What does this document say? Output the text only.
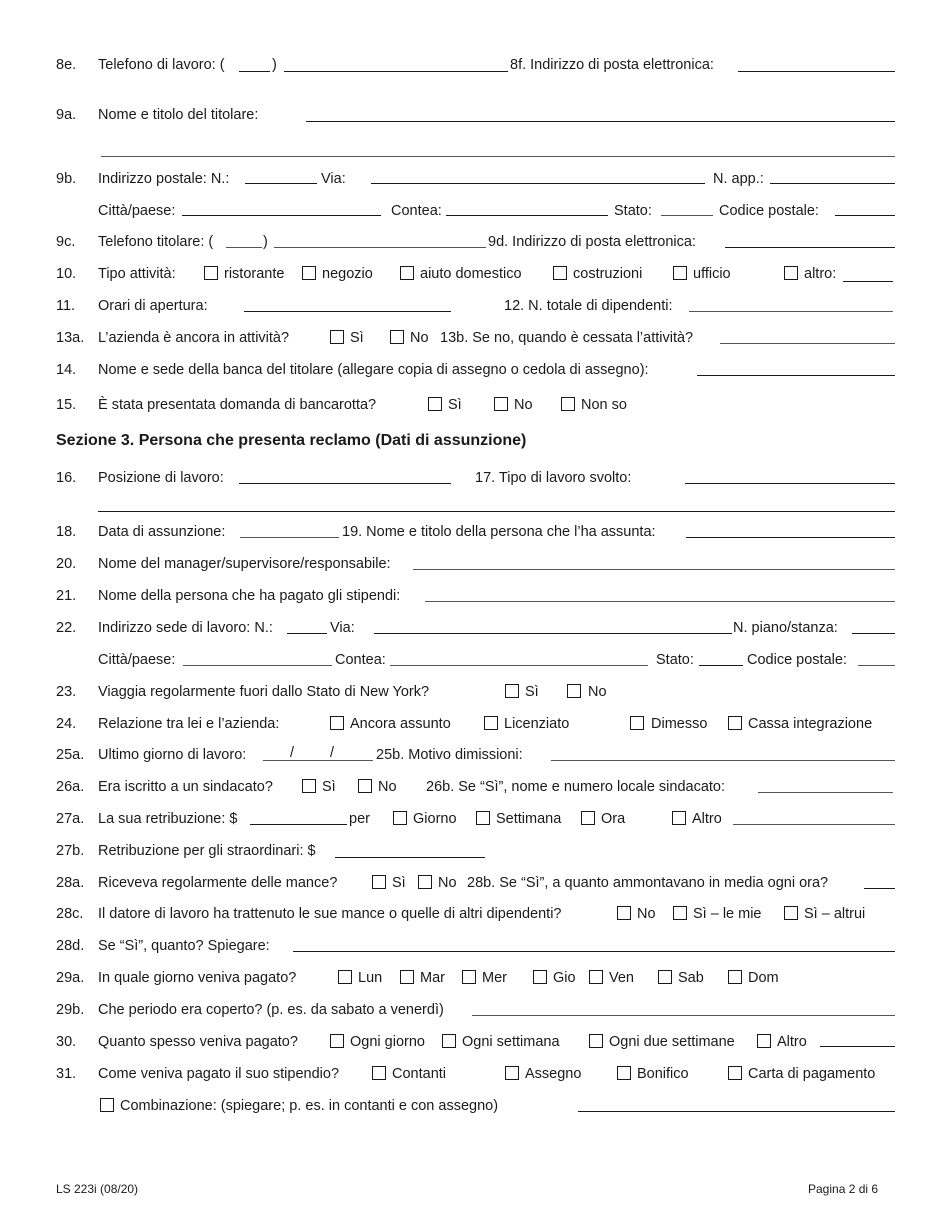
8e. Telefono di lavoro: (	)	8f. Indirizzo di posta elettronica:
9a. Nome e titolo del titolare:
9b. Indirizzo postale: N.:	Via:	N. app.:
Città/paese:	Contea:	Stato:	Codice postale:
9c. Telefono titolare: (	)	9d. Indirizzo di posta elettronica:
10. Tipo attività:	ristorante	negozio	aiuto domestico	costruzioni	ufficio	altro:
11. Orari di apertura:	12. N. totale di dipendenti:
13a. L’azienda è ancora in attività?	Sì	No 13b. Se no, quando è cessata l’attività?
14. Nome e sede della banca del titolare (allegare copia di assegno o cedola di assegno):
15. È stata presentata domanda di bancarotta?	Sì	No	Non so
Sezione 3. Persona che presenta reclamo (Dati di assunzione)
16. Posizione di lavoro:	17. Tipo di lavoro svolto:
18. Data di assunzione:	19. Nome e titolo della persona che l’ha assunta:
20. Nome del manager/supervisore/responsabile:
21. Nome della persona che ha pagato gli stipendi:
22. Indirizzo sede di lavoro: N.:	Via:	N. piano/stanza:
Città/paese:	Contea:	Stato:	Codice postale:
23. Viaggia regolarmente fuori dallo Stato di New York?	Sì	No
24. Relazione tra lei e l’azienda:	Ancora assunto	Licenziato	Dimesso	Cassa integrazione
25a. Ultimo giorno di lavoro:	/ /	25b. Motivo dimissioni:
26a. Era iscritto a un sindacato?	Sì	No 26b. Se “Sì”, nome e numero locale sindacato:
27a. La sua retribuzione: $	per	Giorno	Settimana	Ora	Altro
27b. Retribuzione per gli straordinari: $
28a. Riceveva regolarmente delle mance?	Sì No 28b. Se “Sì”, a quanto ammontavano in media ogni ora?
28c. Il datore di lavoro ha trattenuto le sue mance o quelle di altri dipendenti?	No	Sì – le mie	Sì – altrui
28d. Se “Sì”, quanto? Spiegare:
29a. In quale giorno veniva pagato?	Lun	Mar	Mer	Gio Ven	Sab	Dom
29b. Che periodo era coperto? (p. es. da sabato a venerdì)
30. Quanto spesso veniva pagato?	Ogni giorno	Ogni settimana	Ogni due settimane	Altro
31. Come veniva pagato il suo stipendio?	Contanti	Assegno	Bonifico	Carta di pagamento
Combinazione: (spiegare; p. es. in contanti e con assegno)
LS 223i (08/20)	Pagina 2 di 6
